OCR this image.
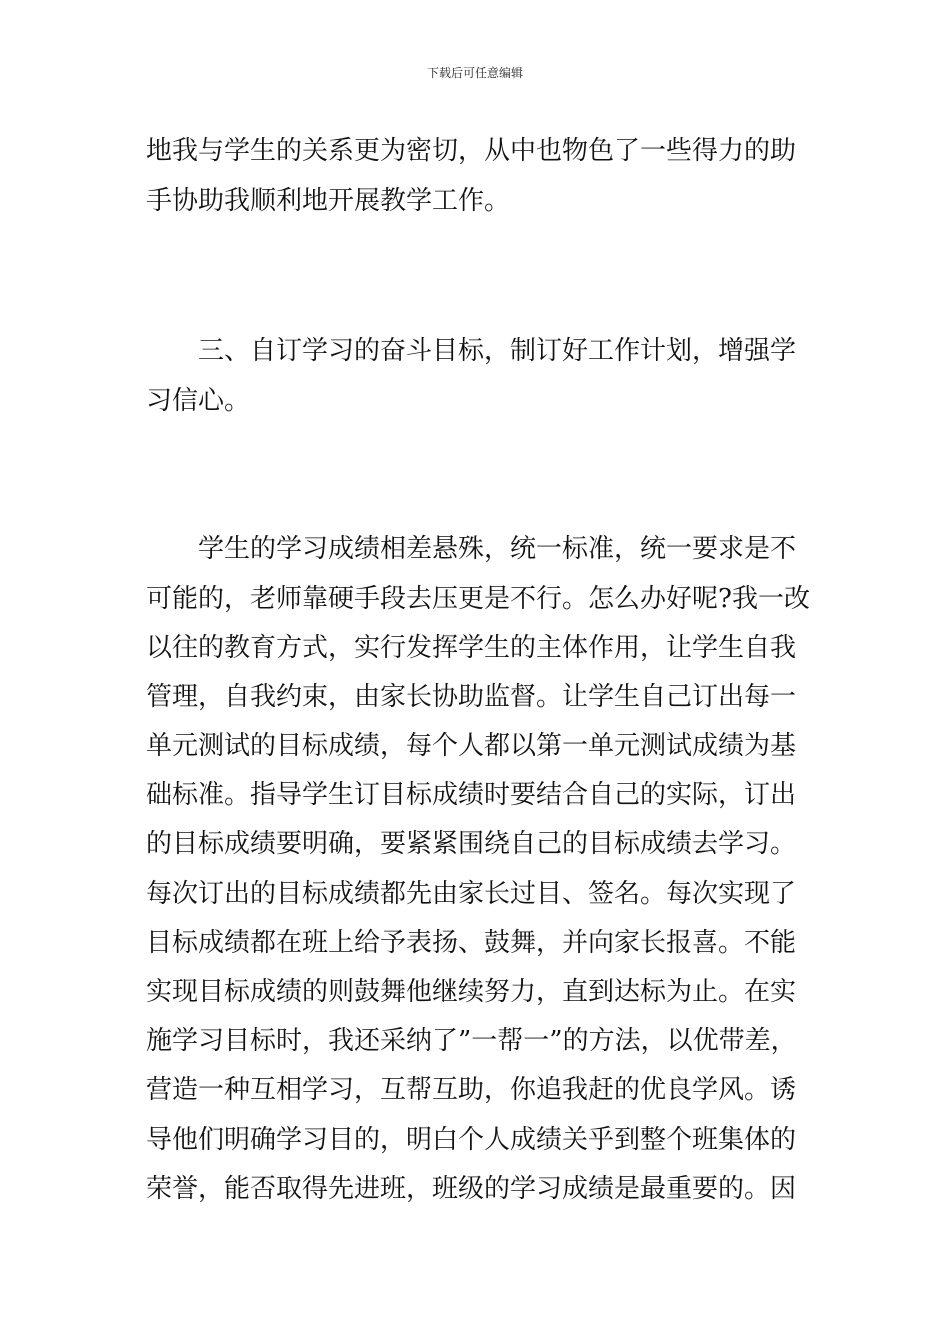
下载后可任意编辑
地我与学生的关系更为密切，从中也物色了一些得力的助
手协助我顺利地开展教学工作。
　　三、自订学习的奋斗目标，制订好工作计划，增强学
习信心。
　　学生的学习成绩相差悬殊，统一标准，统一要求是不
可能的，老师靠硬手段去压更是不行。怎么办好呢?我一改
以往的教育方式，实行发挥学生的主体作用，让学生自我
管理，自我约束，由家长协助监督。让学生自己订出每一
单元测试的目标成绩，每个人都以第一单元测试成绩为基
础标准。指导学生订目标成绩时要结合自己的实际，订出
的目标成绩要明确，要紧紧围绕自己的目标成绩去学习。
每次订出的目标成绩都先由家长过目、签名。每次实现了
目标成绩都在班上给予表扬、鼓舞，并向家长报喜。不能
实现目标成绩的则鼓舞他继续努力，直到达标为止。在实
施学习目标时，我还采纳了”一帮一”的方法，以优带差，
营造一种互相学习，互帮互助，你追我赶的优良学风。诱
导他们明确学习目的，明白个人成绩关乎到整个班集体的
荣誉，能否取得先进班，班级的学习成绩是最重要的。因
